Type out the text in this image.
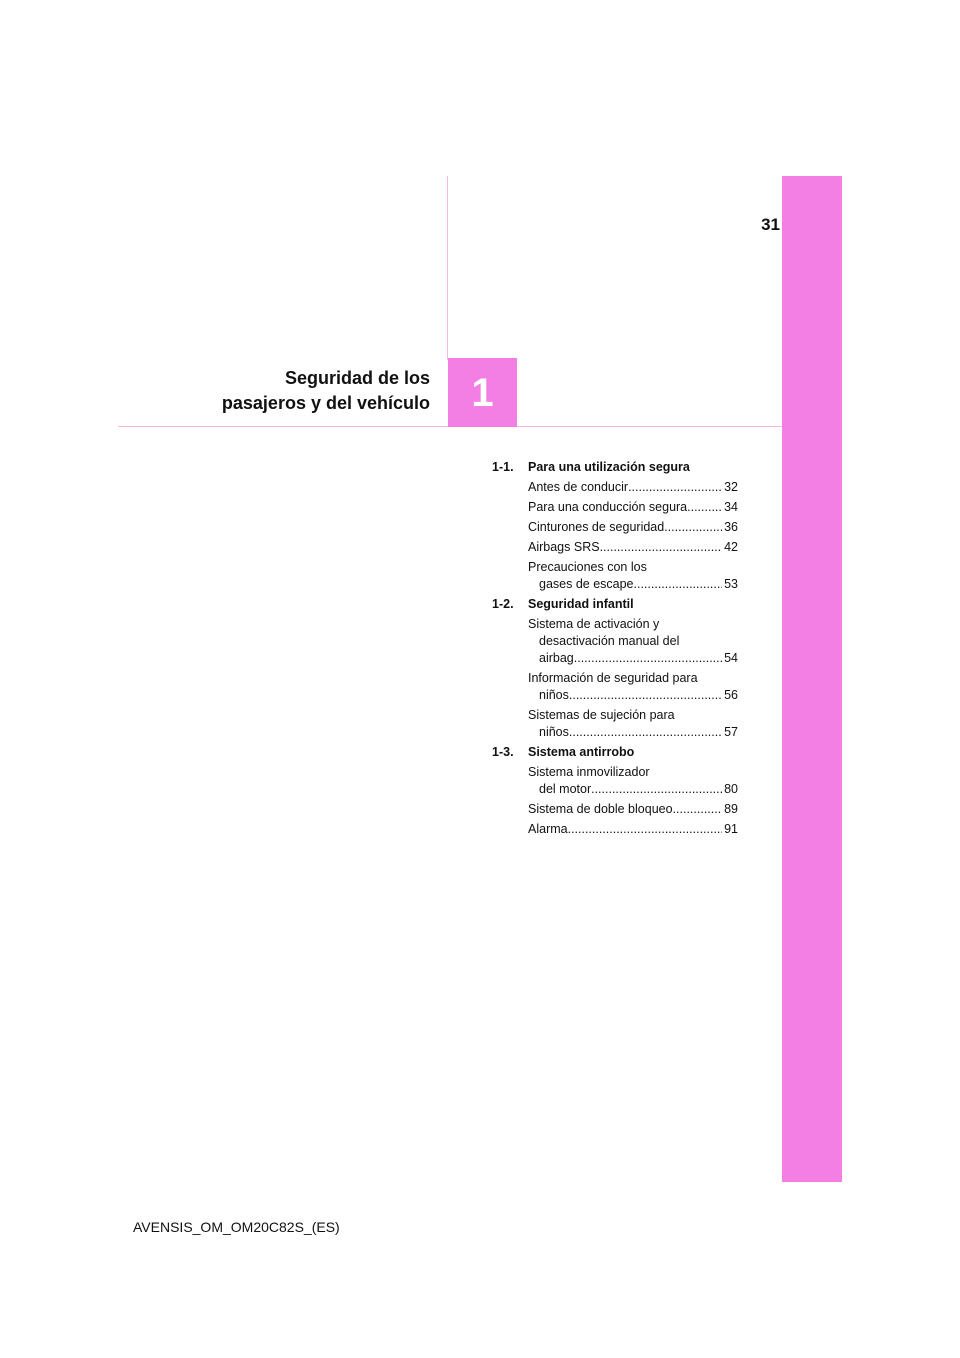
31
Seguridad de los
pasajeros y del vehículo 1
1-1.	Para una utilización segura
Antes de conducir .....	32
Para una conducción segura .....	34
Cinturones de seguridad .....	36
Airbags SRS .....	42
Precauciones con los
gases de escape .....	53
1-2.	Seguridad infantil
Sistema de activación y
desactivación manual del
airbag .....	54
Información de seguridad para
niños .....	56
Sistemas de sujeción para
niños .....	57
1-3.	Sistema antirrobo
Sistema inmovilizador
del motor .....	80
Sistema de doble bloqueo .....	89
Alarma .....	91
AVENSIS_OM_OM20C82S_(ES)
